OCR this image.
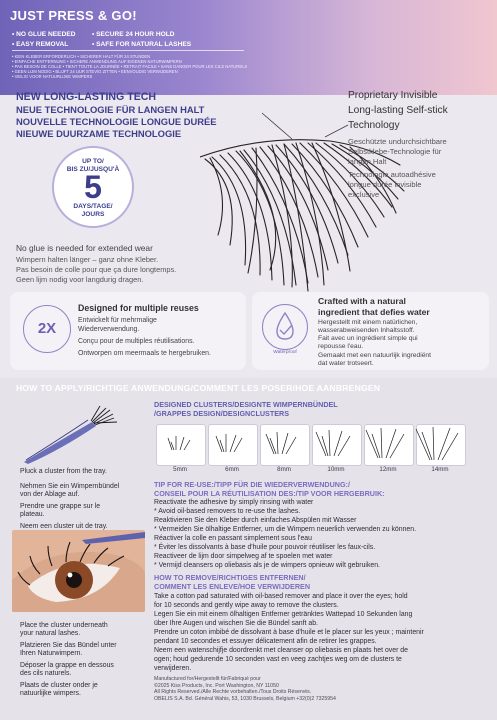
JUST PRESS & GO!
• NO GLUE NEEDED	• SECURE 24 HOUR HOLD
• EASY REMOVAL	• SAFE FOR NATURAL LASHES
• KEIN KLEBER ERFORDERLICH • SICHERER HALT FÜR 24 STUNDEN
• EINFACHE ENTFERNUNG • SICHERE ANWENDUNG AUF EIGENEN NATURWIMPERN
• PAS BESOIN DE COLLE • TIENT TOUTE LA JOURNÉE • RETRAIT FACILE • SANS DANGER POUR LES CILS NATURELS
• GEEN LIJM NODIG • BLIJFT 24 UUR STEVIG ZITTEN • EENVOUDIG VERWIJDEREN
• VEILIG VOOR NATUURLIJKE WIMPERS
NEW LONG-LASTING TECH
NEUE TECHNOLOGIE FÜR LANGEN HALT
NOUVELLE TECHNOLOGIE LONGUE DURÉE
NIEUWE DUURZAME TECHNOLOGIE
UP TO/
BIS ZU/JUSQU'À
5
DAYS/TAGE/
JOURS
No glue is needed for extended wear
Wimpern halten länger – ganz ohne Kleber.
Pas besoin de colle pour que ça dure longtemps.
Geen lijm nodig voor langdurig dragen.
Proprietary Invisible
Long-lasting Self-stick
Technology
Geschützte undurchsichtbare
Selbstklebe-Technologie für
langen Halt
Technologie autoadhésive
longue durée invisible
exclusive
2X
Designed for multiple reuses
Entwickelt für mehrmalige
Wiederverwendung.
Conçu pour de multiples réutilisations.
Ontworpen om meermaals te hergebruiken.	Waterproof
Crafted with a natural
ingredient that defies water
Hergestellt mit einem natürlichen,
wasserabweisenden Inhaltsstoff.
Fait avec un ingrédient simple qui
repousse l'eau.
Gemaakt met een natuurlijk ingrediënt
dat water trotseert.
HOW TO APPLY/RICHTIGE ANWENDUNG/COMMENT LES POSER/HOE AANBRENGEN
Pluck a cluster from the tray.
Nehmen Sie ein Wimpernbündel
von der Ablage auf.
Prendre une grappe sur le
plateau.
Neem een cluster uit de tray.
Place the cluster underneath
your natural lashes.
Platzieren Sie das Bündel unter
Ihren Naturwimpern.
Déposer la grappe en dessous
des cils naturels.
Plaats de cluster onder je
natuurlijke wimpers.
DESIGNED CLUSTERS/DESIGNTE WIMPERNBÜNDEL
/GRAPPES DESIGN/DESIGNCLUSTERS
5mm	6mm	8mm	10mm	12mm	14mm
TIP FOR RE-USE:/TIPP FÜR DIE WIEDERVERWENDUNG:/
CONSEIL POUR LA RÉUTILISATION DES:/TIP VOOR HERGEBRUIK:
Reactivate the adhesive by simply rinsing with water
* Avoid oil-based removers to re-use the lashes.
Reaktivieren Sie den Kleber durch einfaches Abspülen mit Wasser
* Vermeiden Sie ölhaltige Entferner, um die Wimpern neuerlich verwenden zu können.
Réactiver la colle en passant simplement sous l'eau
* Éviter les dissolvants à base d'huile pour pouvoir réutiliser les faux-cils.
Reactiveer de lijm door simpelweg af te spoelen met water
* Vermijd cleansers op oliebasis als je de wimpers opnieuw wilt gebruiken.
HOW TO REMOVE/RICHTIGES ENTFERNEN/
COMMENT LES ENLEVE/HOE VERWIJDEREN
Take a cotton pad saturated with oil-based remover and place it over the eyes; hold
for 10 seconds and gently wipe away to remove the clusters.
Legen Sie ein mit einem ölhaltigen Entferner getränktes Wattepad 10 Sekunden lang
über Ihre Augen und wischen Sie die Bündel sanft ab.
Prendre un coton imbibé de dissolvant à base d'huile et le placer sur les yeux ; maintenir
pendant 10 secondes et essuyer délicatement afin de retirer les grappes.
Neem een watenschijfje doordrenkt met cleanser op oliebasis en plaats het over de
ogen; houd gedurende 10 seconden vast en veeg zachtjes weg om de clusters te
verwijderen.
Manufactured for/Hergestellt für/Fabriqué pour
©2025 Kiss Products, Inc. Port Washington, NY 11050
All Rights Reserved./Alle Rechte vorbehalten./Tous Droits Réservés.
OBELIS S.A. Bd. Général Wahis, 53, 1030 Brussels, Belgium +32(0)2 7325954
